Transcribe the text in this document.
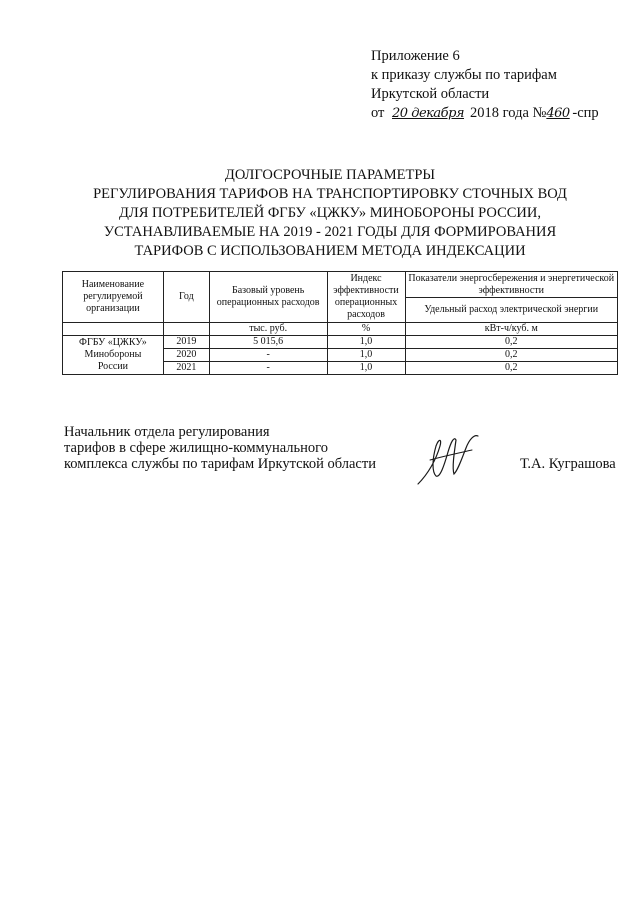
Приложение 6
к приказу службы по тарифам
Иркутской области
от 20 декабря 2018 года №460 -спр
ДОЛГОСРОЧНЫЕ ПАРАМЕТРЫ
РЕГУЛИРОВАНИЯ ТАРИФОВ НА ТРАНСПОРТИРОВКУ СТОЧНЫХ ВОД
ДЛЯ ПОТРЕБИТЕЛЕЙ ФГБУ «ЦЖКУ» МИНОБОРОНЫ РОССИИ,
УСТАНАВЛИВАЕМЫЕ НА 2019 - 2021 ГОДЫ ДЛЯ ФОРМИРОВАНИЯ
ТАРИФОВ С ИСПОЛЬЗОВАНИЕМ МЕТОДА ИНДЕКСАЦИИ
Наименование регулируемой организации	Год	Базовый уровень операционных расходов	Индекс эффективности операционных расходов	Показатели энергосбережения и энергетической эффективности
				Удельный расход электрической энергии
		тыс. руб.	%	кВт-ч/куб. м

ФГБУ «ЦЖКУ»
Минобороны
России	2019	5 015,6	1,0	0,2
	2020	-	1,0	0,2
	2021	-	1,0	0,2
Начальник отдела регулирования
тарифов в сфере жилищно-коммунального
комплекса службы по тарифам Иркутской области	Т.А. Куграшова
